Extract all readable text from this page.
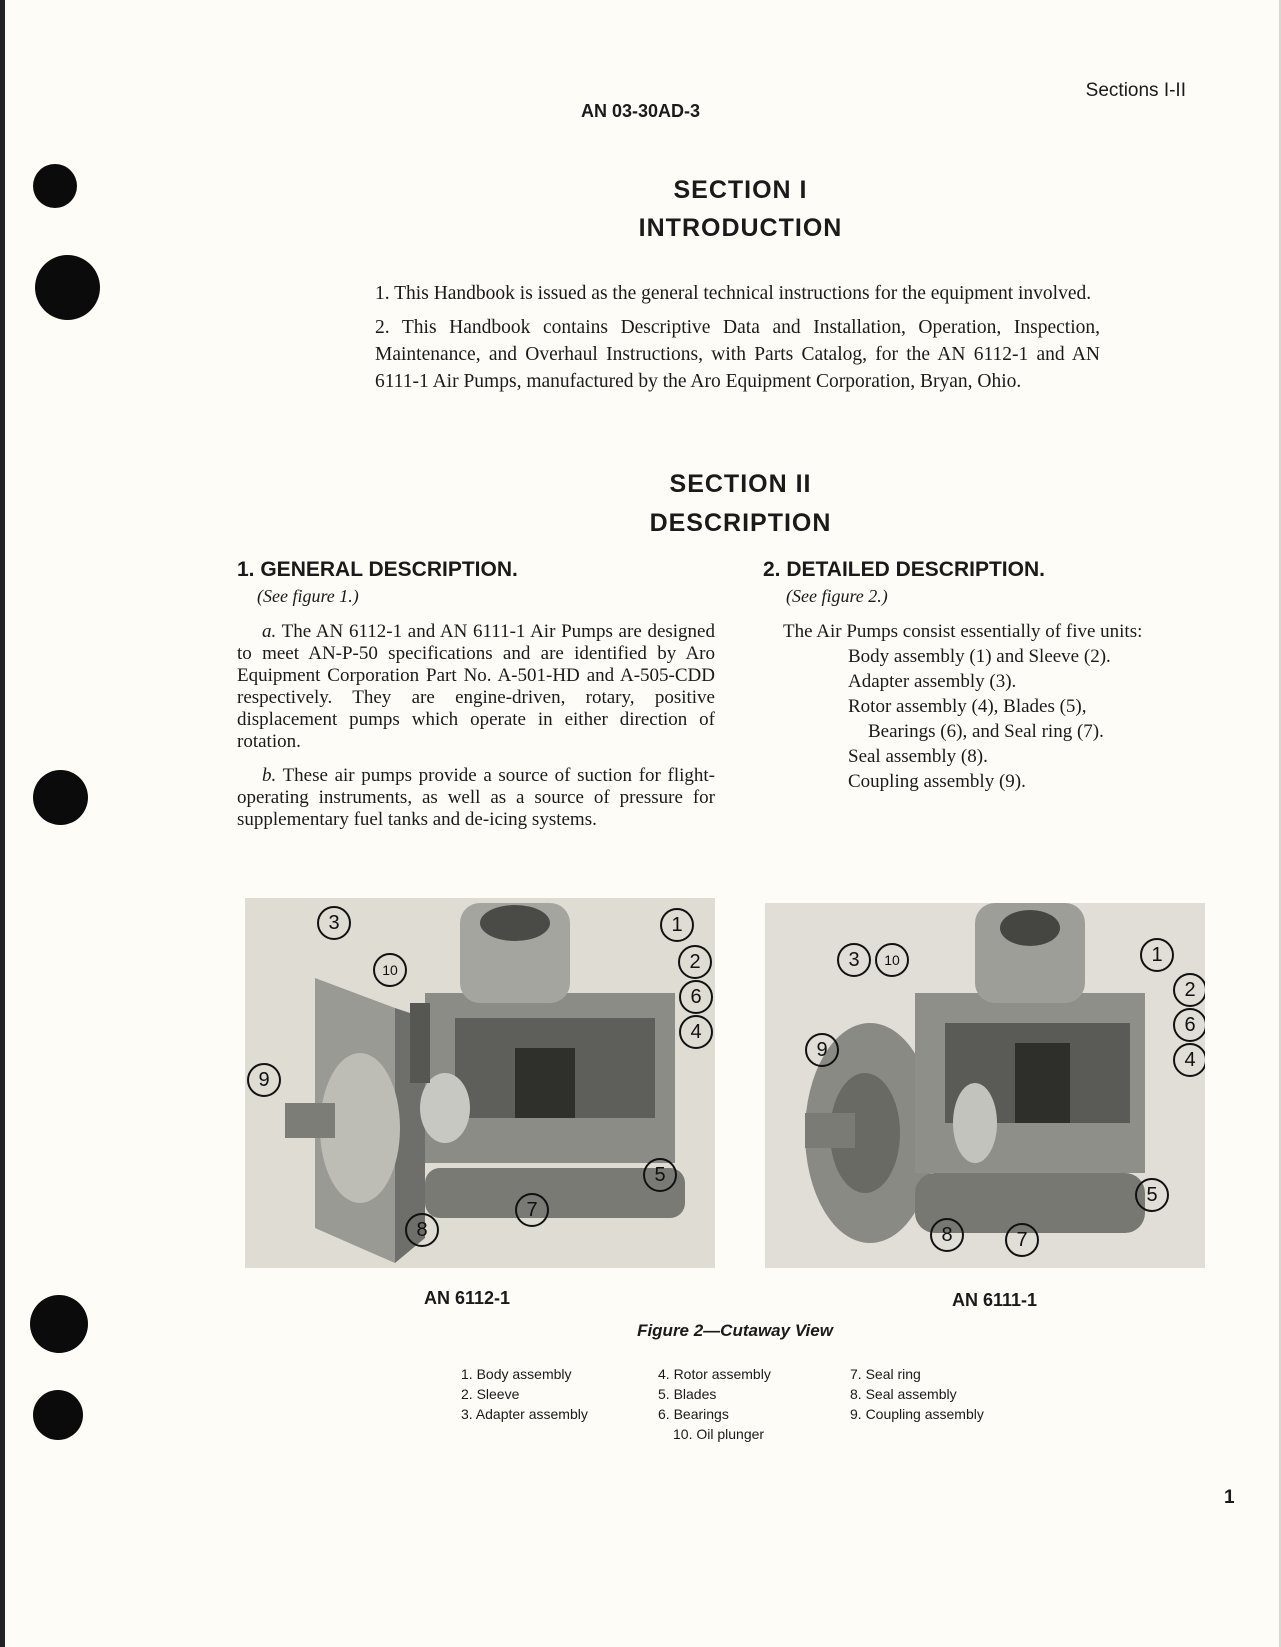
Sections I-II
AN 03-30AD-3
SECTION I
INTRODUCTION

1. This Handbook is issued as the general technical instructions for the equipment involved.

2. This Handbook contains Descriptive Data and Installation, Operation, Inspection, Maintenance, and Overhaul Instructions, with Parts Catalog, for the AN 6112-1 and AN 6111-1 Air Pumps, manufactured by the Aro Equipment Corporation, Bryan, Ohio.

SECTION II
DESCRIPTION
1. GENERAL DESCRIPTION.
(See figure 1.)

a. The AN 6112-1 and AN 6111-1 Air Pumps are designed to meet AN-P-50 specifications and are identified by Aro Equipment Corporation Part No. A-501-HD and A-505-CDD respectively. They are engine-driven, rotary, positive displacement pumps which operate in either direction of rotation.

b. These air pumps provide a source of suction for flight-operating instruments, as well as a source of pressure for supplementary fuel tanks and de-icing systems.

2. DETAILED DESCRIPTION.
(See figure 2.)
The Air Pumps consist essentially of five units:
Body assembly (1) and Sleeve (2).
Adapter assembly (3).
Rotor assembly (4), Blades (5),
Bearings (6), and Seal ring (7).
Seal assembly (8).
Coupling assembly (9).
3
10
1
2
6
4
9
5
7
8
3	10	1
2
6
4
9
5
7
8
AN 6112-1	AN 6111-1
Figure 2—Cutaway View
1. Body assembly
2. Sleeve
3. Adapter assembly
4. Rotor assembly
5. Blades
6. Bearings
10. Oil plunger
7. Seal ring
8. Seal assembly
9. Coupling assembly
1
